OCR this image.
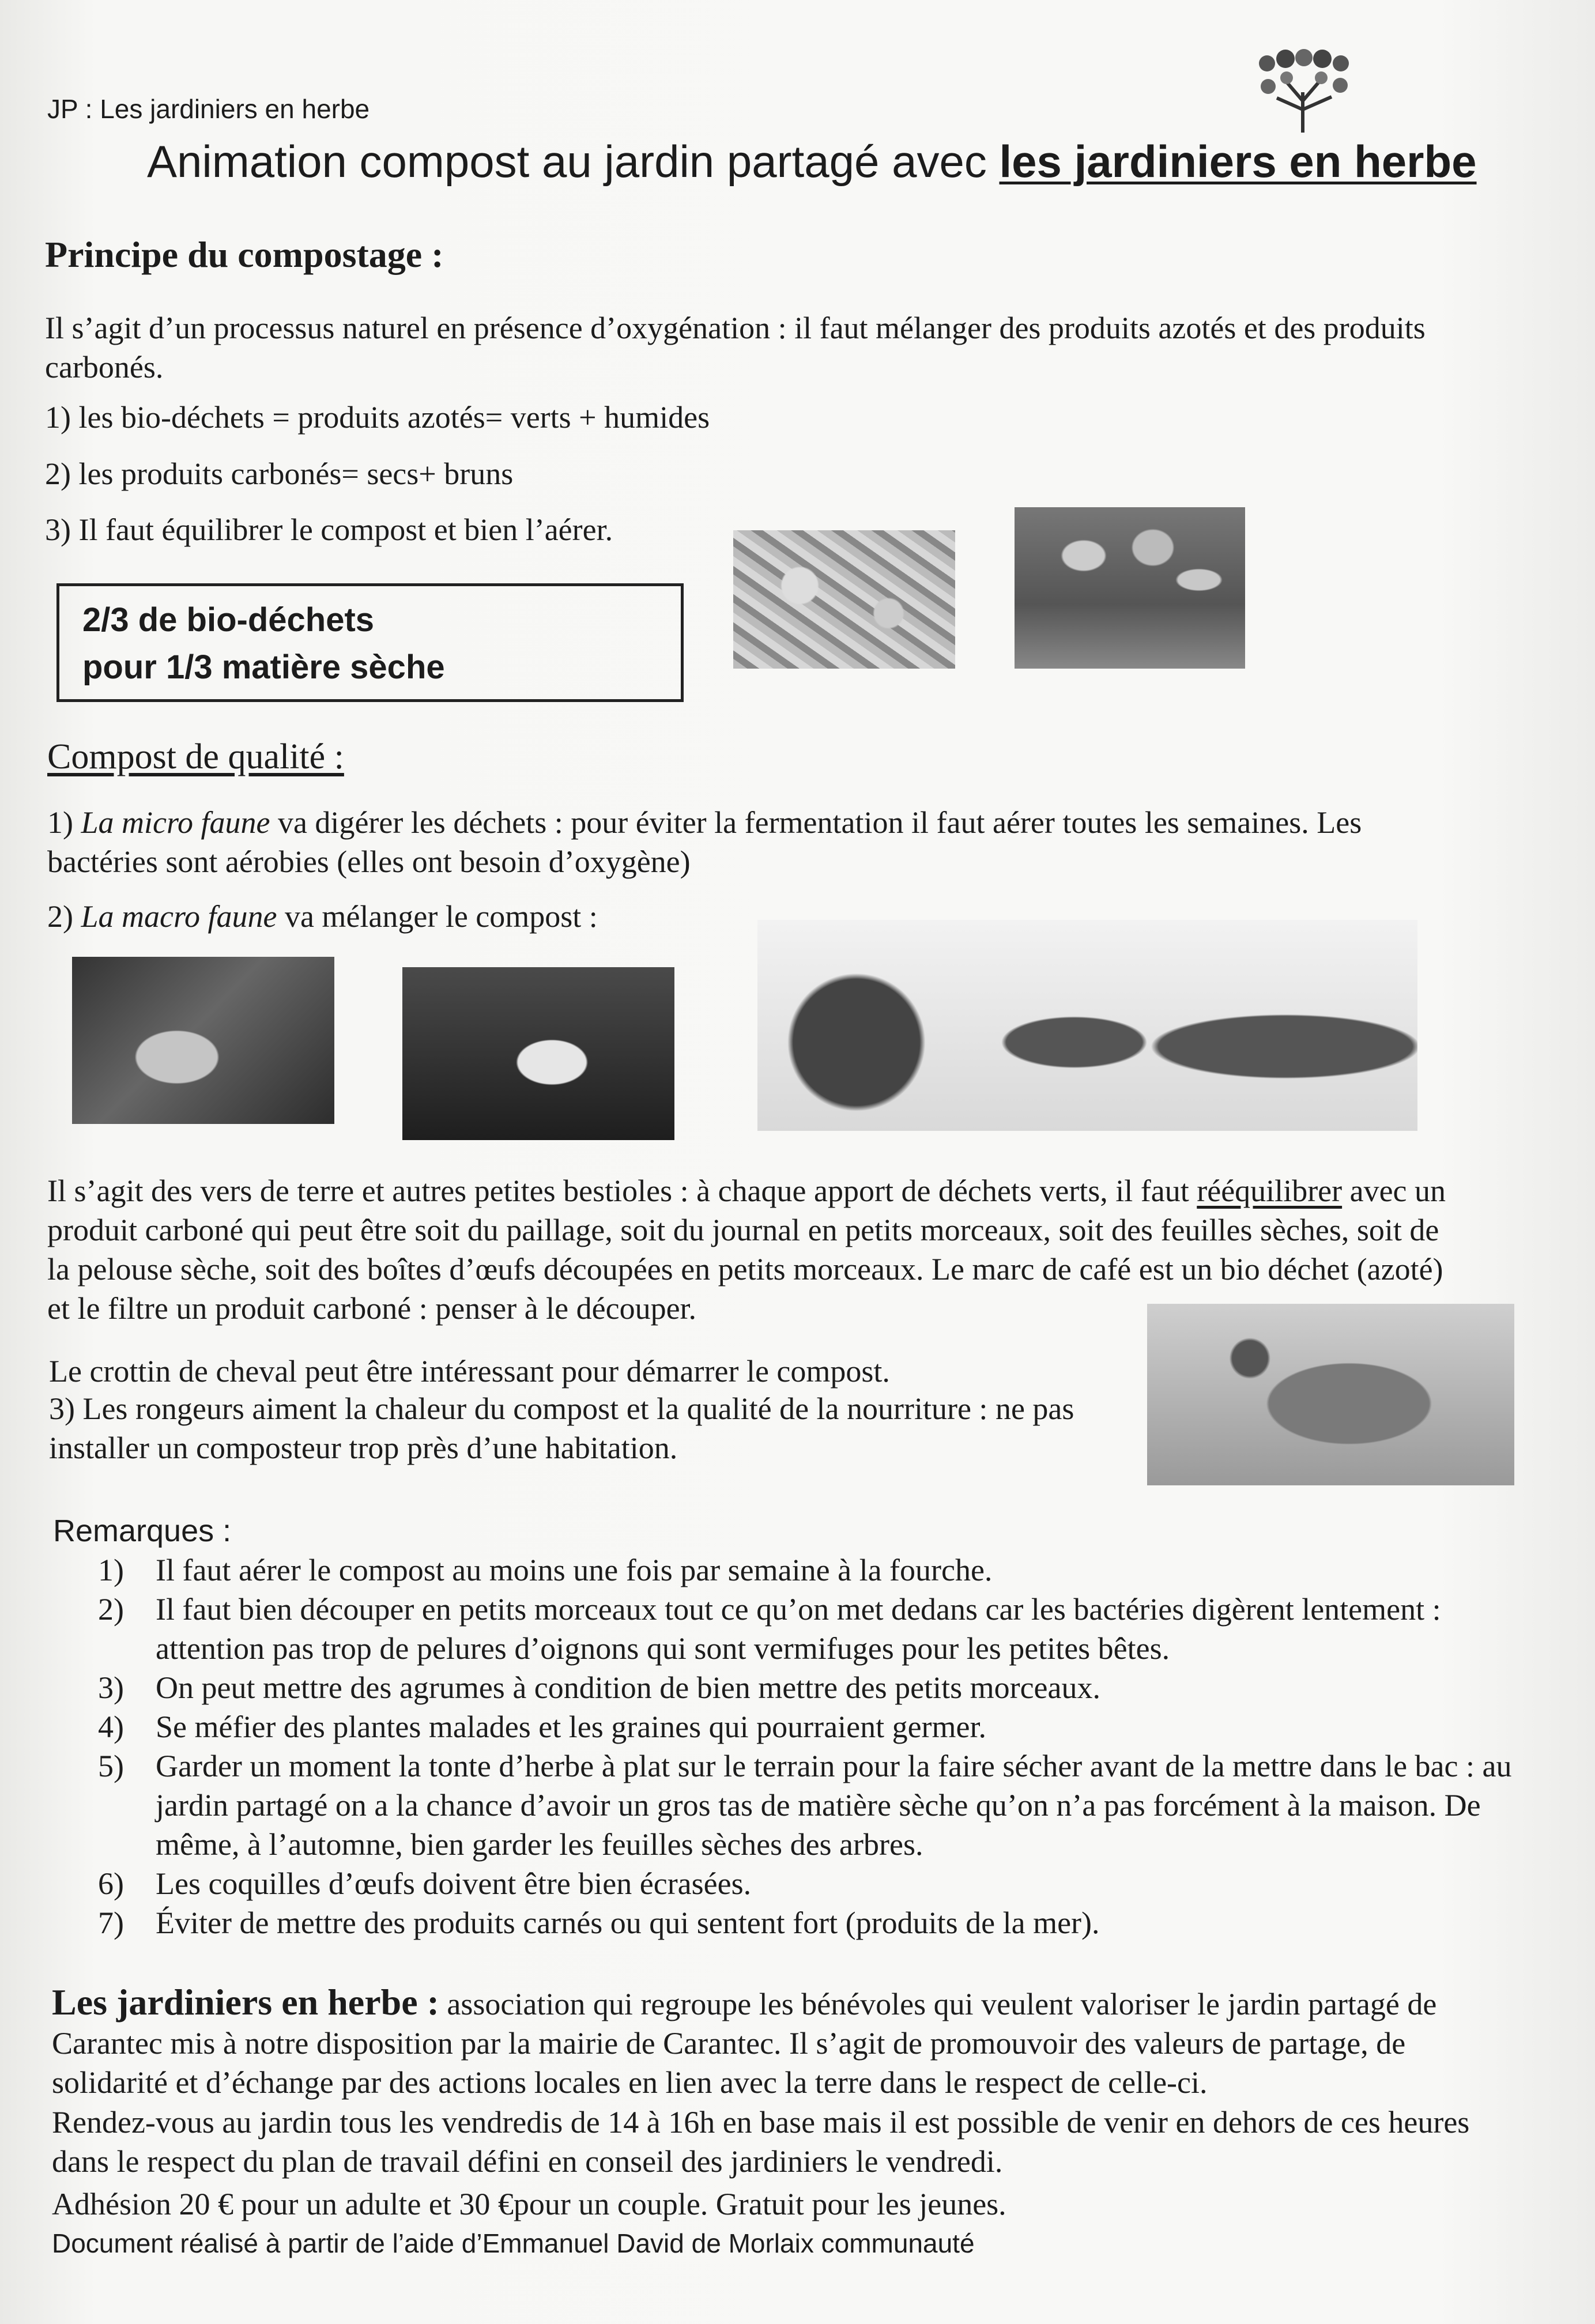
JP : Les jardiniers en herbe
Animation compost au jardin partagé avec les jardiniers en herbe
Principe du compostage :
Il s’agit d’un processus naturel en présence d’oxygénation : il faut mélanger des produits azotés et des produits carbonés.
1) les bio-déchets = produits azotés= verts + humides
2) les produits carbonés= secs+ bruns
3) Il faut équilibrer le compost et bien l’aérer.
2/3 de bio-déchets
pour 1/3 matière sèche
Compost de qualité :
1) La micro faune va digérer les déchets : pour éviter la fermentation il faut aérer toutes les semaines. Les bactéries sont aérobies (elles ont besoin d’oxygène)
2) La macro faune va mélanger le compost :
Il s’agit des vers de terre et autres petites bestioles : à chaque apport de déchets verts, il faut rééquilibrer avec un produit carboné qui peut être soit du paillage, soit du journal en petits morceaux, soit des feuilles sèches, soit de la pelouse sèche, soit des boîtes d’œufs découpées en petits morceaux. Le marc de café est un bio déchet (azoté) et le filtre un produit carboné : penser à le découper.
Le crottin de cheval peut être intéressant pour démarrer le compost.
3) Les rongeurs aiment la chaleur du compost et la qualité de la nourriture : ne pas installer un composteur trop près d’une habitation.
Remarques :
1) Il faut aérer le compost au moins une fois par semaine à la fourche.
2) Il faut bien découper en petits morceaux tout ce qu’on met dedans car les bactéries digèrent lentement : attention pas trop de pelures d’oignons qui sont vermifuges pour les petites bêtes.
3) On peut mettre des agrumes à condition de bien mettre des petits morceaux.
4) Se méfier des plantes malades et les graines qui pourraient germer.
5) Garder un moment la tonte d’herbe à plat sur le terrain pour la faire sécher avant de la mettre dans le bac : au jardin partagé on a la chance d’avoir un gros tas de matière sèche qu’on n’a pas forcément à la maison. De même, à l’automne, bien garder les feuilles sèches des arbres.
6) Les coquilles d’œufs doivent être bien écrasées.
7) Éviter de mettre des produits carnés ou qui sentent fort (produits de la mer).
Les jardiniers en herbe : association qui regroupe les bénévoles qui veulent valoriser le jardin partagé de Carantec mis à notre disposition par la mairie de Carantec. Il s’agit de promouvoir des valeurs de partage, de solidarité et d’échange par des actions locales en lien avec la terre dans le respect de celle-ci.
Rendez-vous au jardin tous les vendredis de 14 à 16h en base mais il est possible de venir en dehors de ces heures dans le respect du plan de travail défini en conseil des jardiniers le vendredi.
Adhésion 20 € pour un adulte et 30 €pour un couple. Gratuit pour les jeunes.
Document réalisé à partir de l’aide d’Emmanuel David de Morlaix communauté
